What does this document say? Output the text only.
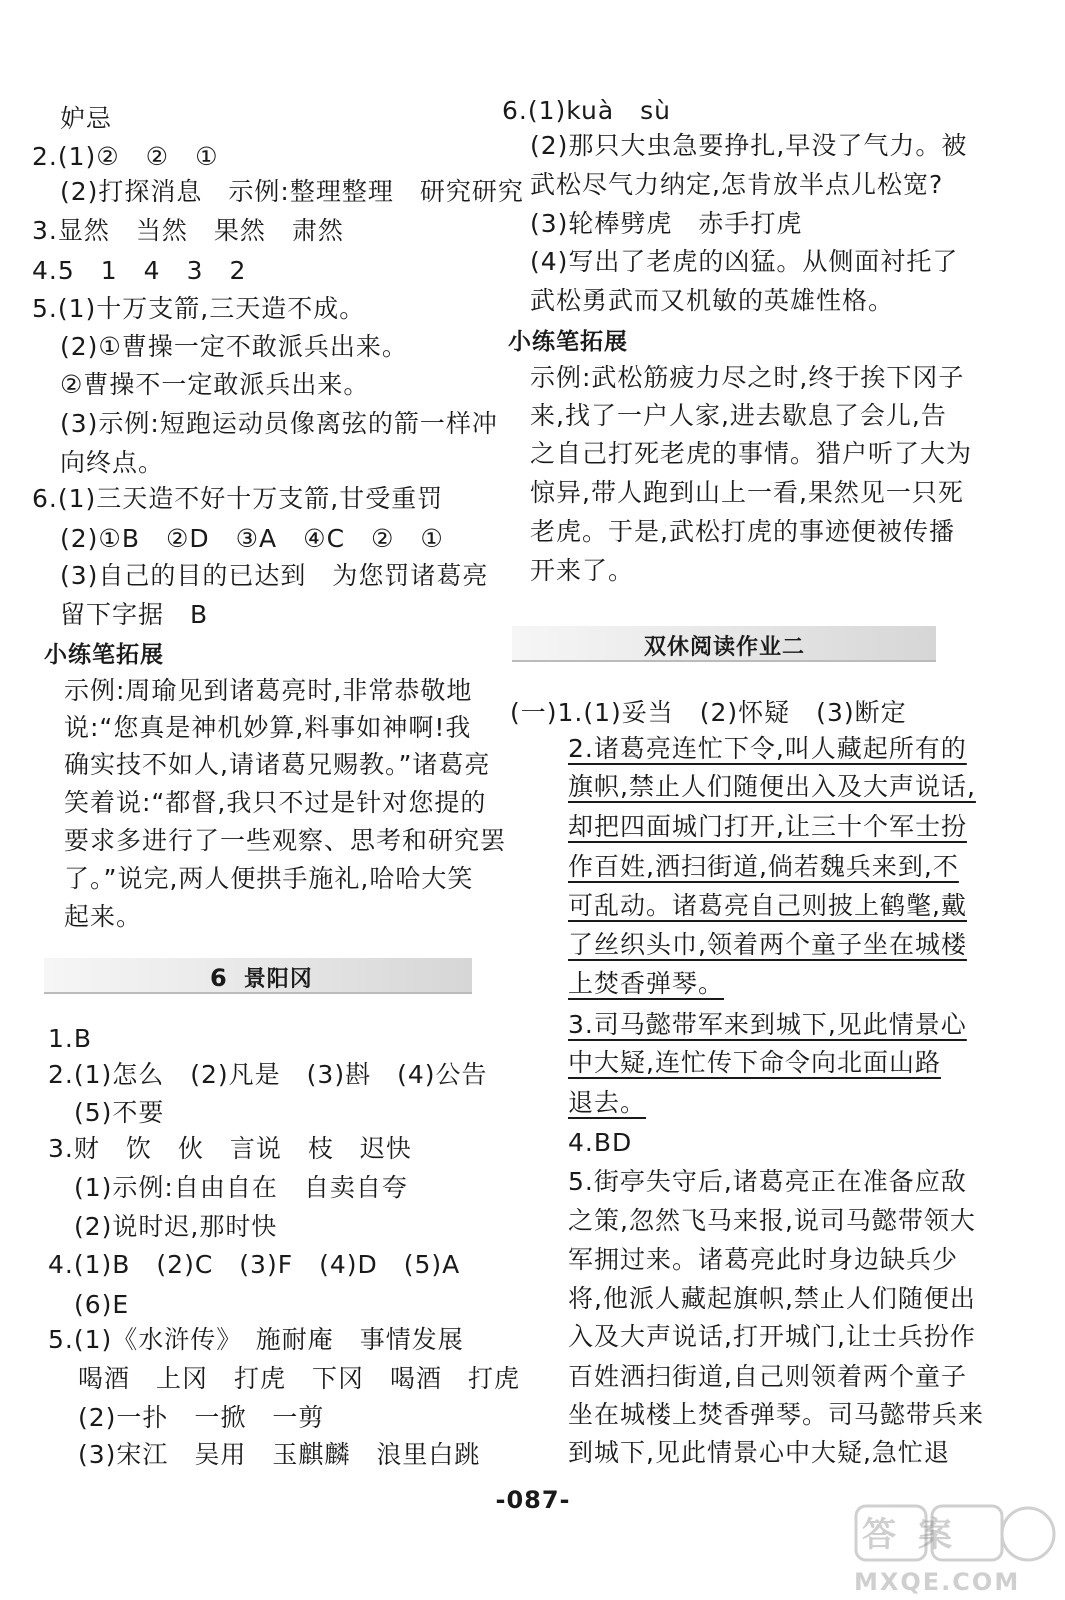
妒忌
2.(1)②　②　①
(2)打探消息　示例:整理整理　研究研究
3.显然　当然　果然　肃然
4.5　1　4　3　2
5.(1)十万支箭,三天造不成。
(2)①曹操一定不敢派兵出来。
②曹操不一定敢派兵出来。
(3)示例:短跑运动员像离弦的箭一样冲
向终点。
6.(1)三天造不好十万支箭,甘受重罚
(2)①B　②D　③A　④C　②　①
(3)自己的目的已达到　为您罚诸葛亮
留下字据　B
小练笔拓展
示例:周瑜见到诸葛亮时,非常恭敬地
说:“您真是神机妙算,料事如神啊!我
确实技不如人,请诸葛兄赐教。”诸葛亮
笑着说:“都督,我只不过是针对您提的
要求多进行了一些观察、思考和研究罢
了。”说完,两人便拱手施礼,哈哈大笑
起来。
6 景阳冈
1.B
2.(1)怎么　(2)凡是　(3)斟　(4)公告
(5)不要
3.财　饮　伙　言说　枝　迟快
(1)示例:自由自在　自卖自夸
(2)说时迟,那时快
4.(1)B　(2)C　(3)F　(4)D　(5)A
(6)E
5.(1)《水浒传》　施耐庵　事情发展
喝酒　上冈　打虎　下冈　喝酒　打虎
(2)一扑　一掀　一剪
(3)宋江　吴用　玉麒麟　浪里白跳
6.(1)kuà　sù
(2)那只大虫急要挣扎,早没了气力。被
武松尽气力纳定,怎肯放半点儿松宽?
(3)轮棒劈虎　赤手打虎
(4)写出了老虎的凶猛。从侧面衬托了
武松勇武而又机敏的英雄性格。
小练笔拓展
示例:武松筋疲力尽之时,终于挨下冈子
来,找了一户人家,进去歇息了会儿,告
之自己打死老虎的事情。猎户听了大为
惊异,带人跑到山上一看,果然见一只死
老虎。于是,武松打虎的事迹便被传播
开来了。
双休阅读作业二
(一)1.(1)妥当　(2)怀疑　(3)断定
2.诸葛亮连忙下令,叫人藏起所有的
旗帜,禁止人们随便出入及大声说话,
却把四面城门打开,让三十个军士扮
作百姓,洒扫街道,倘若魏兵来到,不
可乱动。诸葛亮自己则披上鹤氅,戴
了丝织头巾,领着两个童子坐在城楼
上焚香弹琴。
3.司马懿带军来到城下,见此情景心
中大疑,连忙传下命令向北面山路
退去。
4.BD
5.街亭失守后,诸葛亮正在准备应敌
之策,忽然飞马来报,说司马懿带领大
军拥过来。诸葛亮此时身边缺兵少
将,他派人藏起旗帜,禁止人们随便出
入及大声说话,打开城门,让士兵扮作
百姓洒扫街道,自己则领着两个童子
坐在城楼上焚香弹琴。司马懿带兵来
到城下,见此情景心中大疑,急忙退
-087-
答案
MXQE.COM
